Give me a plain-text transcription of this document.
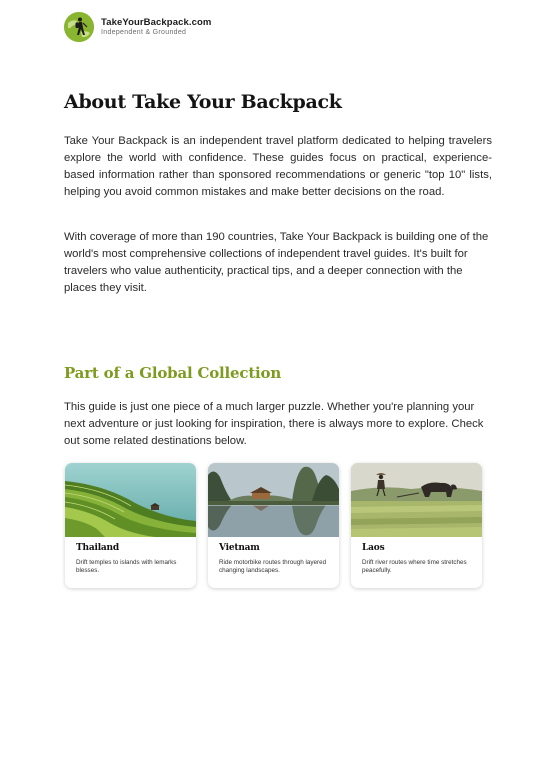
TakeYourBackpack.com
Independent & Grounded
About Take Your Backpack

Take Your Backpack is an independent travel platform dedicated to helping travelers explore the world with confidence. These guides focus on practical, experience-based information rather than sponsored recommendations or generic "top 10" lists, helping you avoid common mistakes and make better decisions on the road.

With coverage of more than 190 countries, Take Your Backpack is building one of the world's most comprehensive collections of independent travel guides. It's built for travelers who value authenticity, practical tips, and a deeper connection with the places they visit.

Part of a Global Collection

This guide is just one piece of a much larger puzzle. Whether you're planning your next adventure or just looking for inspiration, there is always more to explore. Check out some related destinations below.

Thailand
Drift temples to islands with lemarks blesses.
Vietnam
Ride motorbike routes through layered changing landscapes.
Laos
Drift river routes where time stretches peacefully.
